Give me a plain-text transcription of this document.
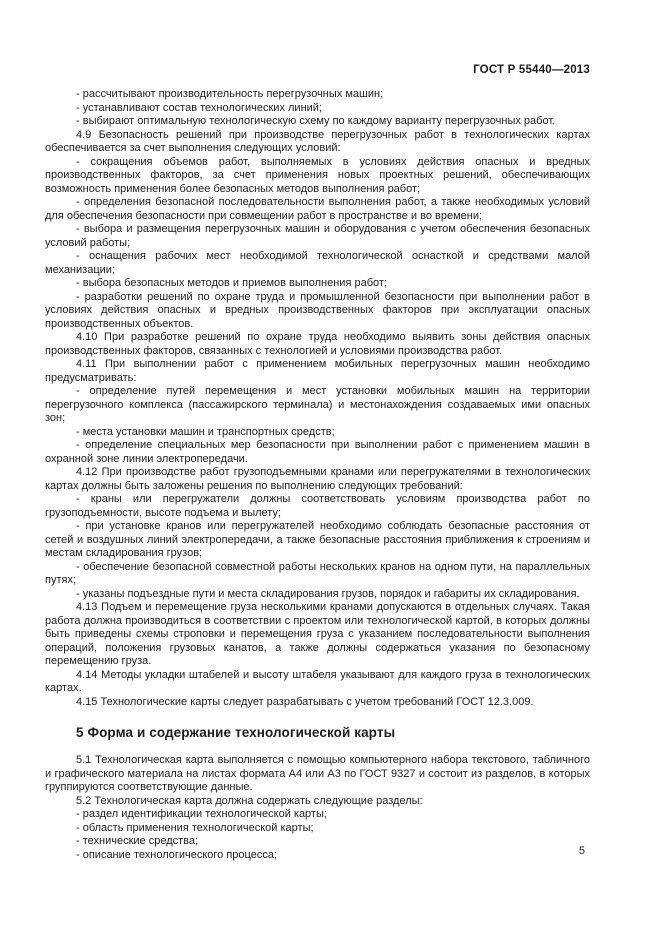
ГОСТ Р 55440—2013

- рассчитывают производительность перегрузочных машин;

- устанавливают состав технологических линий;

- выбирают оптимальную технологическую схему по каждому варианту перегрузочных работ.

4.9 Безопасность решений при производстве перегрузочных работ в технологических картах обеспечивается за счет выполнения следующих условий:

- сокращения объемов работ, выполняемых в условиях действия опасных и вредных производственных факторов, за счет применения новых проектных решений, обеспечивающих возможность применения более безопасных методов выполнения работ;

- определения безопасной последовательности выполнения работ, а также необходимых условий для обеспечения безопасности при совмещении работ в пространстве и во времени;

- выбора и размещения перегрузочных машин и оборудования с учетом обеспечения безопасных условий работы;

- оснащения рабочих мест необходимой технологической оснасткой и средствами малой механизации;

- выбора безопасных методов и приемов выполнения работ;

- разработки решений по охране труда и промышленной безопасности при выполнении работ в условиях действия опасных и вредных производственных факторов при эксплуатации опасных производственных объектов.

4.10 При разработке решений по охране труда необходимо выявить зоны действия опасных производственных факторов, связанных с технологией и условиями производства работ.

4.11 При выполнении работ с применением мобильных перегрузочных машин необходимо предусматривать:

- определение путей перемещения и мест установки мобильных машин на территории перегрузочного комплекса (пассажирского терминала) и местонахождения создаваемых ими опасных зон;

- места установки машин и транспортных средств;

- определение специальных мер безопасности при выполнении работ с применением машин в охранной зоне линии электропередачи.

4.12 При производстве работ грузоподъемными кранами или перегружателями в технологических картах должны быть заложены решения по выполнению следующих требований:

- краны или перегружатели должны соответствовать условиям производства работ по грузоподъемности, высоте подъема и вылету;

- при установке кранов или перегружателей необходимо соблюдать безопасные расстояния от сетей и воздушных линий электропередачи, а также безопасные расстояния приближения к строениям и местам складирования грузов;

- обеспечение безопасной совместной работы нескольких кранов на одном пути, на параллельных путях;

- указаны подъездные пути и места складирования грузов, порядок и габариты их складирования.

4.13 Подъем и перемещение груза несколькими кранами допускаются в отдельных случаях. Такая работа должна производиться в соответствии с проектом или технологической картой, в которых должны быть приведены схемы строповки и перемещения груза с указанием последовательности выполнения операций, положения грузовых канатов, а также должны содержаться указания по безопасному перемещению груза.

4.14 Методы укладки штабелей и высоту штабеля указывают для каждого груза в технологических картах.

4.15 Технологические карты следует разрабатывать с учетом требований ГОСТ 12.3.009.

5 Форма и содержание технологической карты

5.1 Технологическая карта выполняется с помощью компьютерного набора текстового, табличного и графического материала на листах формата А4 или А3 по ГОСТ 9327 и состоит из разделов, в которых группируются соответствующие данные.

5.2 Технологическая карта должна содержать следующие разделы:

- раздел идентификации технологической карты;

- область применения технологической карты;

- технические средства;

- описание технологического процесса;	5
